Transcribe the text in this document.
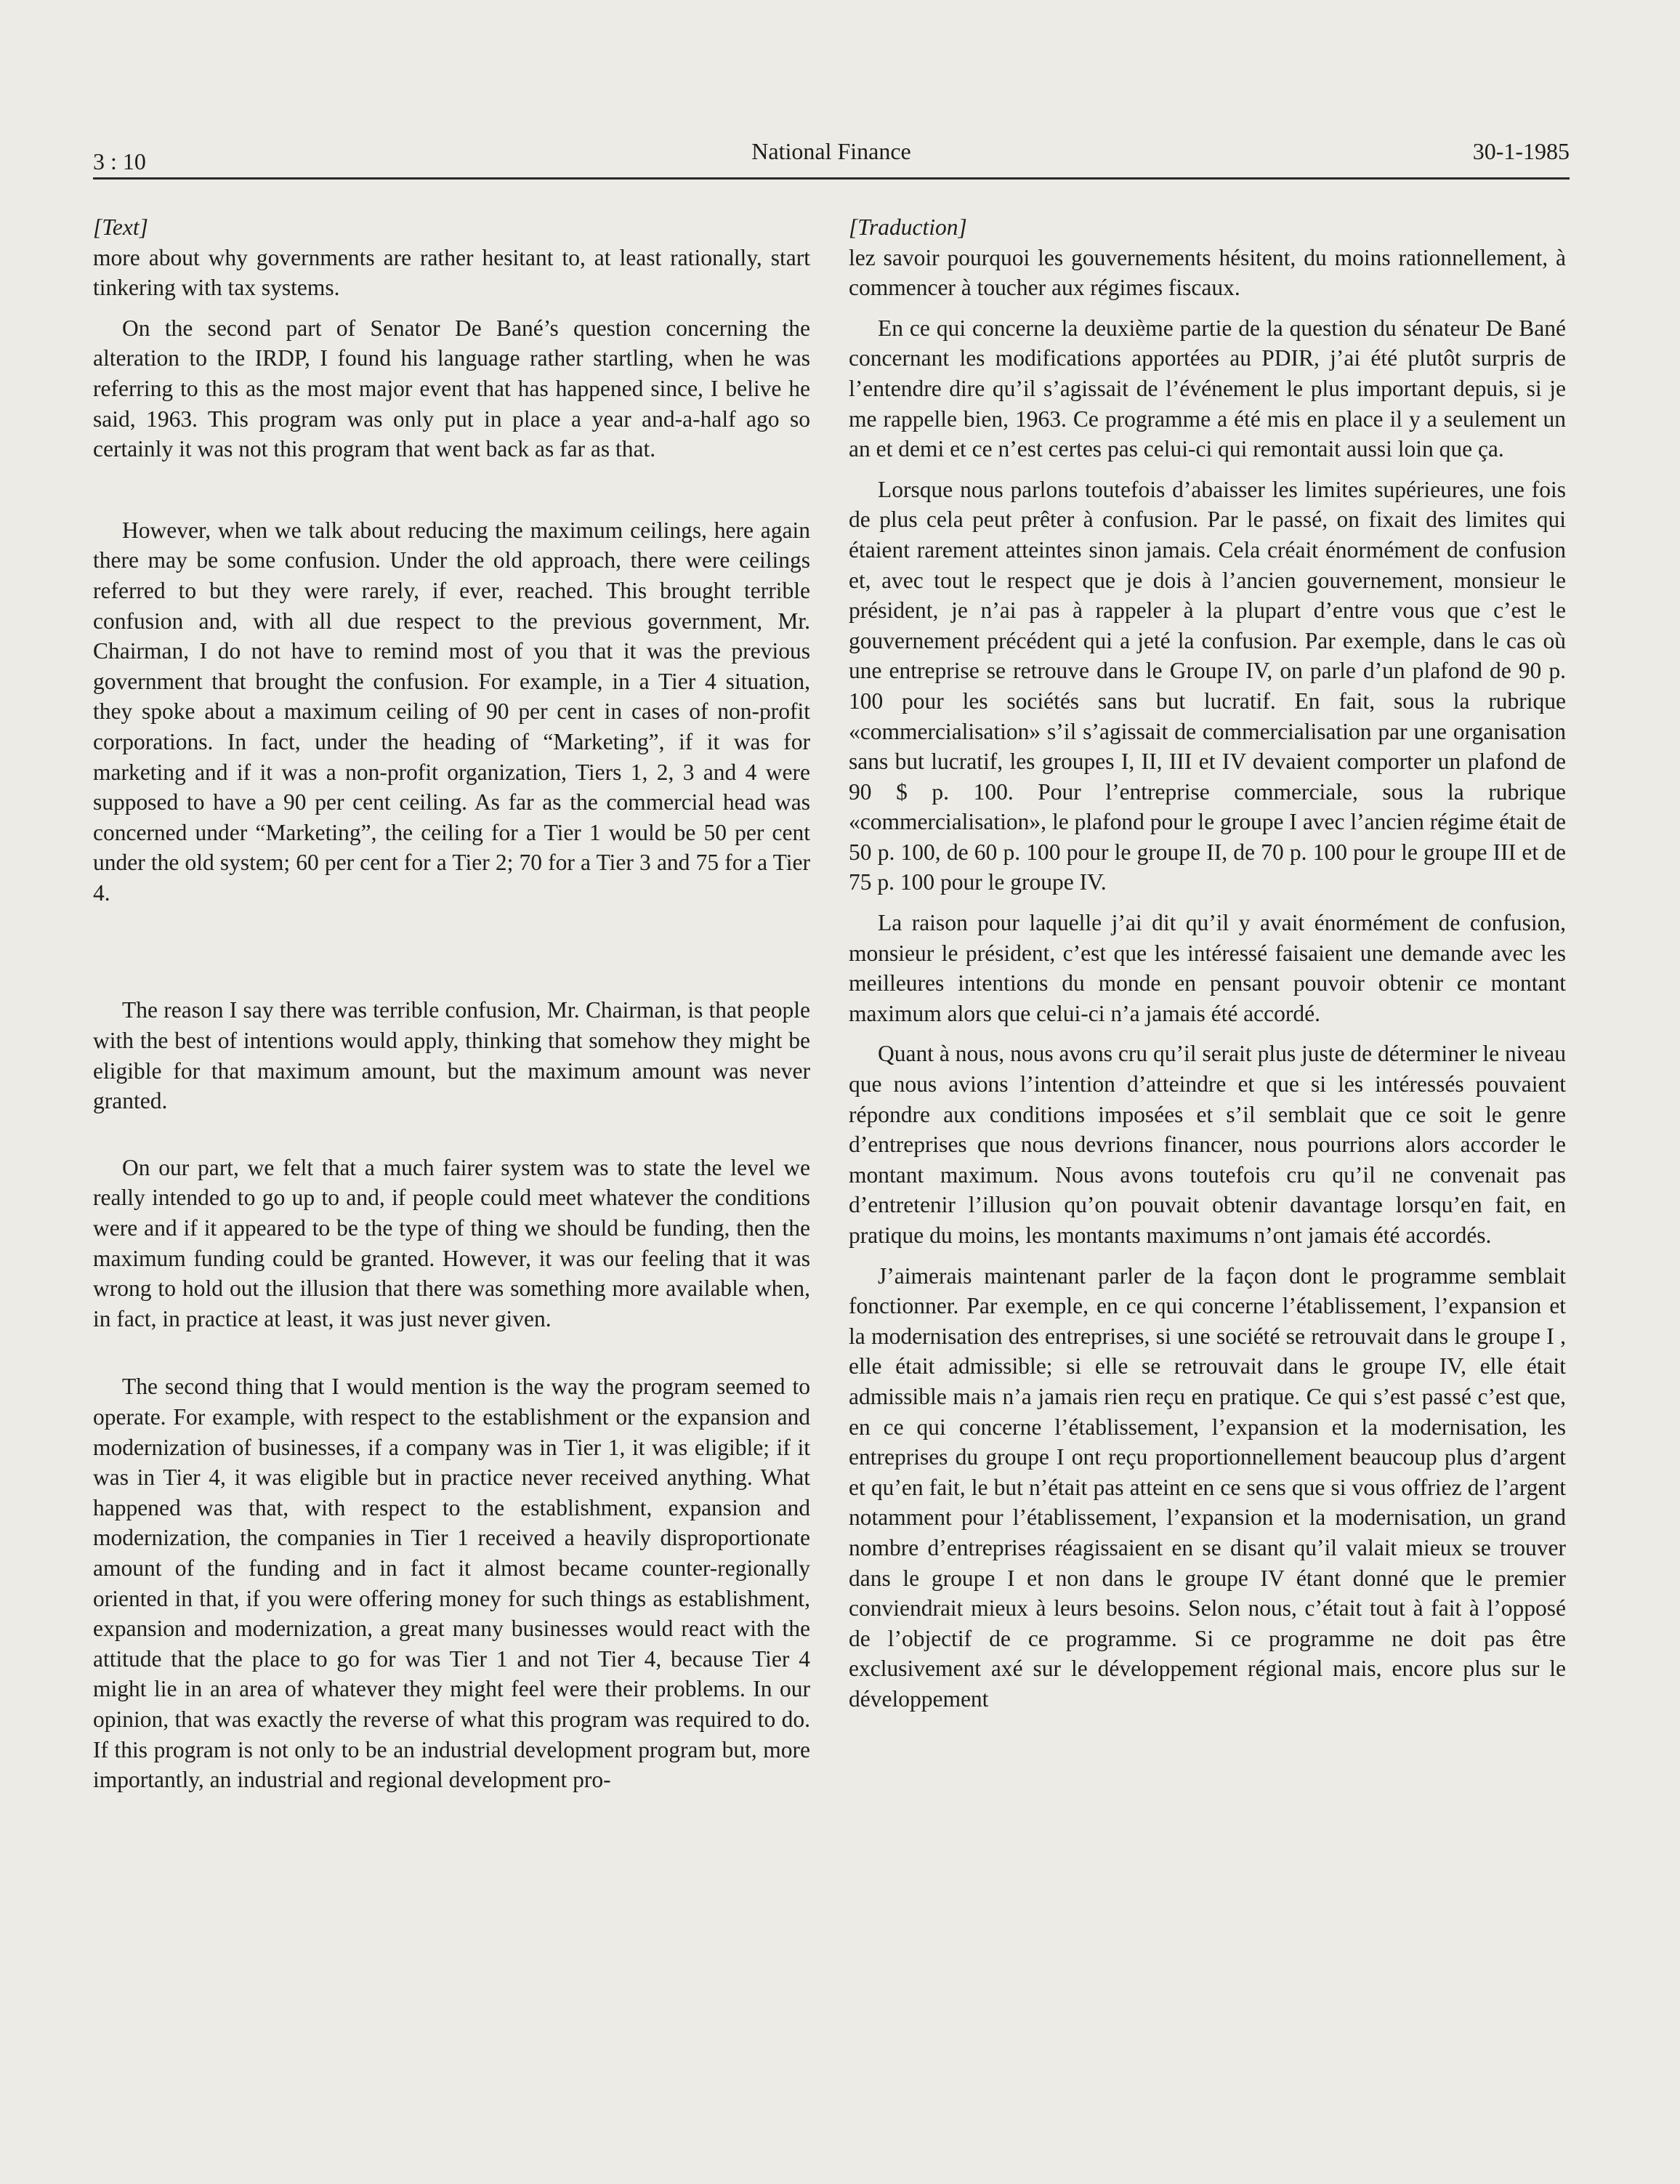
3 : 10	National Finance	30-1-1985

[Text]

more about why governments are rather hesitant to, at least rationally, start tinkering with tax systems.

On the second part of Senator De Bané’s question concerning the alteration to the IRDP, I found his language rather startling, when he was referring to this as the most major event that has happened since, I belive he said, 1963. This program was only put in place a year and-a-half ago so certainly it was not this program that went back as far as that.

However, when we talk about reducing the maximum ceilings, here again there may be some confusion. Under the old approach, there were ceilings referred to but they were rarely, if ever, reached. This brought terrible confusion and, with all due respect to the previous government, Mr. Chairman, I do not have to remind most of you that it was the previous government that brought the confusion. For example, in a Tier 4 situation, they spoke about a maximum ceiling of 90 per cent in cases of non-profit corporations. In fact, under the heading of “Marketing”, if it was for marketing and if it was a non-profit organization, Tiers 1, 2, 3 and 4 were supposed to have a 90 per cent ceiling. As far as the commercial head was concerned under “Marketing”, the ceiling for a Tier 1 would be 50 per cent under the old system; 60 per cent for a Tier 2; 70 for a Tier 3 and 75 for a Tier 4.

The reason I say there was terrible confusion, Mr. Chairman, is that people with the best of intentions would apply, thinking that somehow they might be eligible for that maximum amount, but the maximum amount was never granted.

On our part, we felt that a much fairer system was to state the level we really intended to go up to and, if people could meet whatever the conditions were and if it appeared to be the type of thing we should be funding, then the maximum funding could be granted. However, it was our feeling that it was wrong to hold out the illusion that there was something more available when, in fact, in practice at least, it was just never given.

The second thing that I would mention is the way the program seemed to operate. For example, with respect to the establishment or the expansion and modernization of businesses, if a company was in Tier 1, it was eligible; if it was in Tier 4, it was eligible but in practice never received anything. What happened was that, with respect to the establishment, expansion and modernization, the companies in Tier 1 received a heavily disproportionate amount of the funding and in fact it almost became counter-regionally oriented in that, if you were offering money for such things as establishment, expansion and modernization, a great many businesses would react with the attitude that the place to go for was Tier 1 and not Tier 4, because Tier 4 might lie in an area of whatever they might feel were their problems. In our opinion, that was exactly the reverse of what this program was required to do. If this program is not only to be an industrial development program but, more importantly, an industrial and regional development pro-

[Traduction]

lez savoir pourquoi les gouvernements hésitent, du moins rationnellement, à commencer à toucher aux régimes fiscaux.

En ce qui concerne la deuxième partie de la question du sénateur De Bané concernant les modifications apportées au PDIR, j’ai été plutôt surpris de l’entendre dire qu’il s’agissait de l’événement le plus important depuis, si je me rappelle bien, 1963. Ce programme a été mis en place il y a seulement un an et demi et ce n’est certes pas celui-ci qui remontait aussi loin que ça.

Lorsque nous parlons toutefois d’abaisser les limites supérieures, une fois de plus cela peut prêter à confusion. Par le passé, on fixait des limites qui étaient rarement atteintes sinon jamais. Cela créait énormément de confusion et, avec tout le respect que je dois à l’ancien gouvernement, monsieur le président, je n’ai pas à rappeler à la plupart d’entre vous que c’est le gouvernement précédent qui a jeté la confusion. Par exemple, dans le cas où une entreprise se retrouve dans le Groupe IV, on parle d’un plafond de 90 p. 100 pour les sociétés sans but lucratif. En fait, sous la rubrique «commercialisation» s’il s’agissait de commercialisation par une organisation sans but lucratif, les groupes I, II, III et IV devaient comporter un plafond de 90 $ p. 100. Pour l’entreprise commerciale, sous la rubrique «commercialisation», le plafond pour le groupe I avec l’ancien régime était de 50 p. 100, de 60 p. 100 pour le groupe II, de 70 p. 100 pour le groupe III et de 75 p. 100 pour le groupe IV.

La raison pour laquelle j’ai dit qu’il y avait énormément de confusion, monsieur le président, c’est que les intéressé faisaient une demande avec les meilleures intentions du monde en pensant pouvoir obtenir ce montant maximum alors que celui-ci n’a jamais été accordé.

Quant à nous, nous avons cru qu’il serait plus juste de déterminer le niveau que nous avions l’intention d’atteindre et que si les intéressés pouvaient répondre aux conditions imposées et s’il semblait que ce soit le genre d’entreprises que nous devrions financer, nous pourrions alors accorder le montant maximum. Nous avons toutefois cru qu’il ne convenait pas d’entretenir l’illusion qu’on pouvait obtenir davantage lorsqu’en fait, en pratique du moins, les montants maximums n’ont jamais été accordés.

J’aimerais maintenant parler de la façon dont le programme semblait fonctionner. Par exemple, en ce qui concerne l’établissement, l’expansion et la modernisation des entreprises, si une société se retrouvait dans le groupe I , elle était admissible; si elle se retrouvait dans le groupe IV, elle était admissible mais n’a jamais rien reçu en pratique. Ce qui s’est passé c’est que, en ce qui concerne l’établissement, l’expansion et la modernisation, les entreprises du groupe I ont reçu proportionnellement beaucoup plus d’argent et qu’en fait, le but n’était pas atteint en ce sens que si vous offriez de l’argent notamment pour l’établissement, l’expansion et la modernisation, un grand nombre d’entreprises réagissaient en se disant qu’il valait mieux se trouver dans le groupe I et non dans le groupe IV étant donné que le premier conviendrait mieux à leurs besoins. Selon nous, c’était tout à fait à l’opposé de l’objectif de ce programme. Si ce programme ne doit pas être exclusivement axé sur le développement régional mais, encore plus sur le développement
